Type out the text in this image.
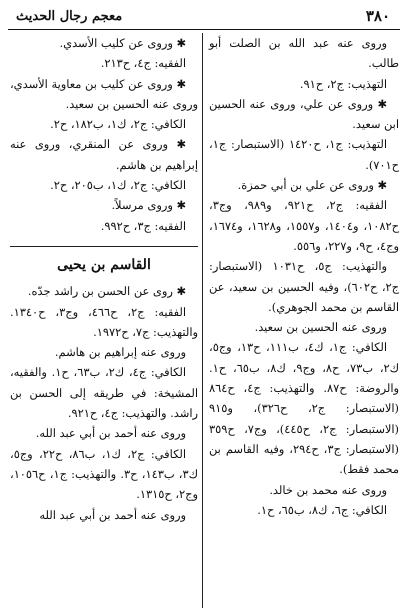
معجم رجال الحديث	٣٨٠

وروى عنه عبد الله بن الصلت أبو طالب.

التهذيب: ج٢، ح٩١.

✱ وروى عن علي، وروى عنه الحسين ابن سعيد.

التهذيب: ج١، ح١٤٢٠ (الاستبصار: ج١، ح٧٠١).

✱ وروى عن علي بن أبي حمزة.

الفقيه: ج٢، ح٩٢١، و٩٨٩، وج٣، ح١٠٨٢، و١٤٠٤، و١٥٥٧، و١٦٢٨، و١٦٧٤، وج٤، ح٩، و٢٢٧، و٥٥٦.

والتهذيب: ج٥، ح١٠٣١ (الاستبصار: ج٢، ح٦٠٢)، وفيه الحسين بن سعيد، عن القاسم بن محمد الجوهري).

وروى عنه الحسين بن سعيد.

الكافي: ج١، ك٤، ب١١١، ح١٣، وج٥، ك٢، ب٧٣، ح٨، وج٩، ك٨، ب٦٥، ح١. والروضة: ح٨٧. والتهذيب: ج٤، ح٨٦٤ (الاستبصار: ج٢، ح٣٢٦)، و٩١٥ (الاستبصار: ج٢، ح٤٤٥)، وج٧، ح٣٥٩ (الاستبصار: ج٣، ح٢٩٤، وفيه القاسم بن محمد فقط).

وروى عنه محمد بن خالد.

الكافي: ج٦، ك٨، ب٦٥، ح١.

✱ وروى عن كليب الأسدي.

الفقيه: ج٤، ح٢١٣.

✱ وروى عن كليب بن معاوية الأسدي، وروى عنه الحسين بن سعيد.

الكافي: ج٢، ك١، ب١٨٢، ح٢.

✱ وروى عن المنقري، وروى عنه إبراهيم بن هاشم.

الكافي: ج٢، ك١، ب٢٠٥، ح٢.

✱ وروى مرسلاً.

الفقيه: ج٣، ح٩٩٢.

القاسم بن يحيى

✱ روى عن الحسن بن راشد جدّه.

الفقيه: ج٢، ح٤٦٦، وج٣، ح١٣٤٠. والتهذيب: ج٧، ح١٩٧٢.

وروى عنه إبراهيم بن هاشم.

الكافي: ج٤، ك٢، ب٦٣، ح١. والفقيه، المشيخة: في طريقه إلى الحسن بن راشد. والتهذيب: ج٤، ح٩٢١.

وروى عنه أحمد بن أبي عبد الله.

الكافي: ج٢، ك١، ب٨٦، ح٢٢، وج٥، ك٣، ب١٤٣، ح٣. والتهذيب: ج١، ح١٠٥٦، وج٢، ح١٣١٥.

وروى عنه أحمد بن أبي عبد الله
